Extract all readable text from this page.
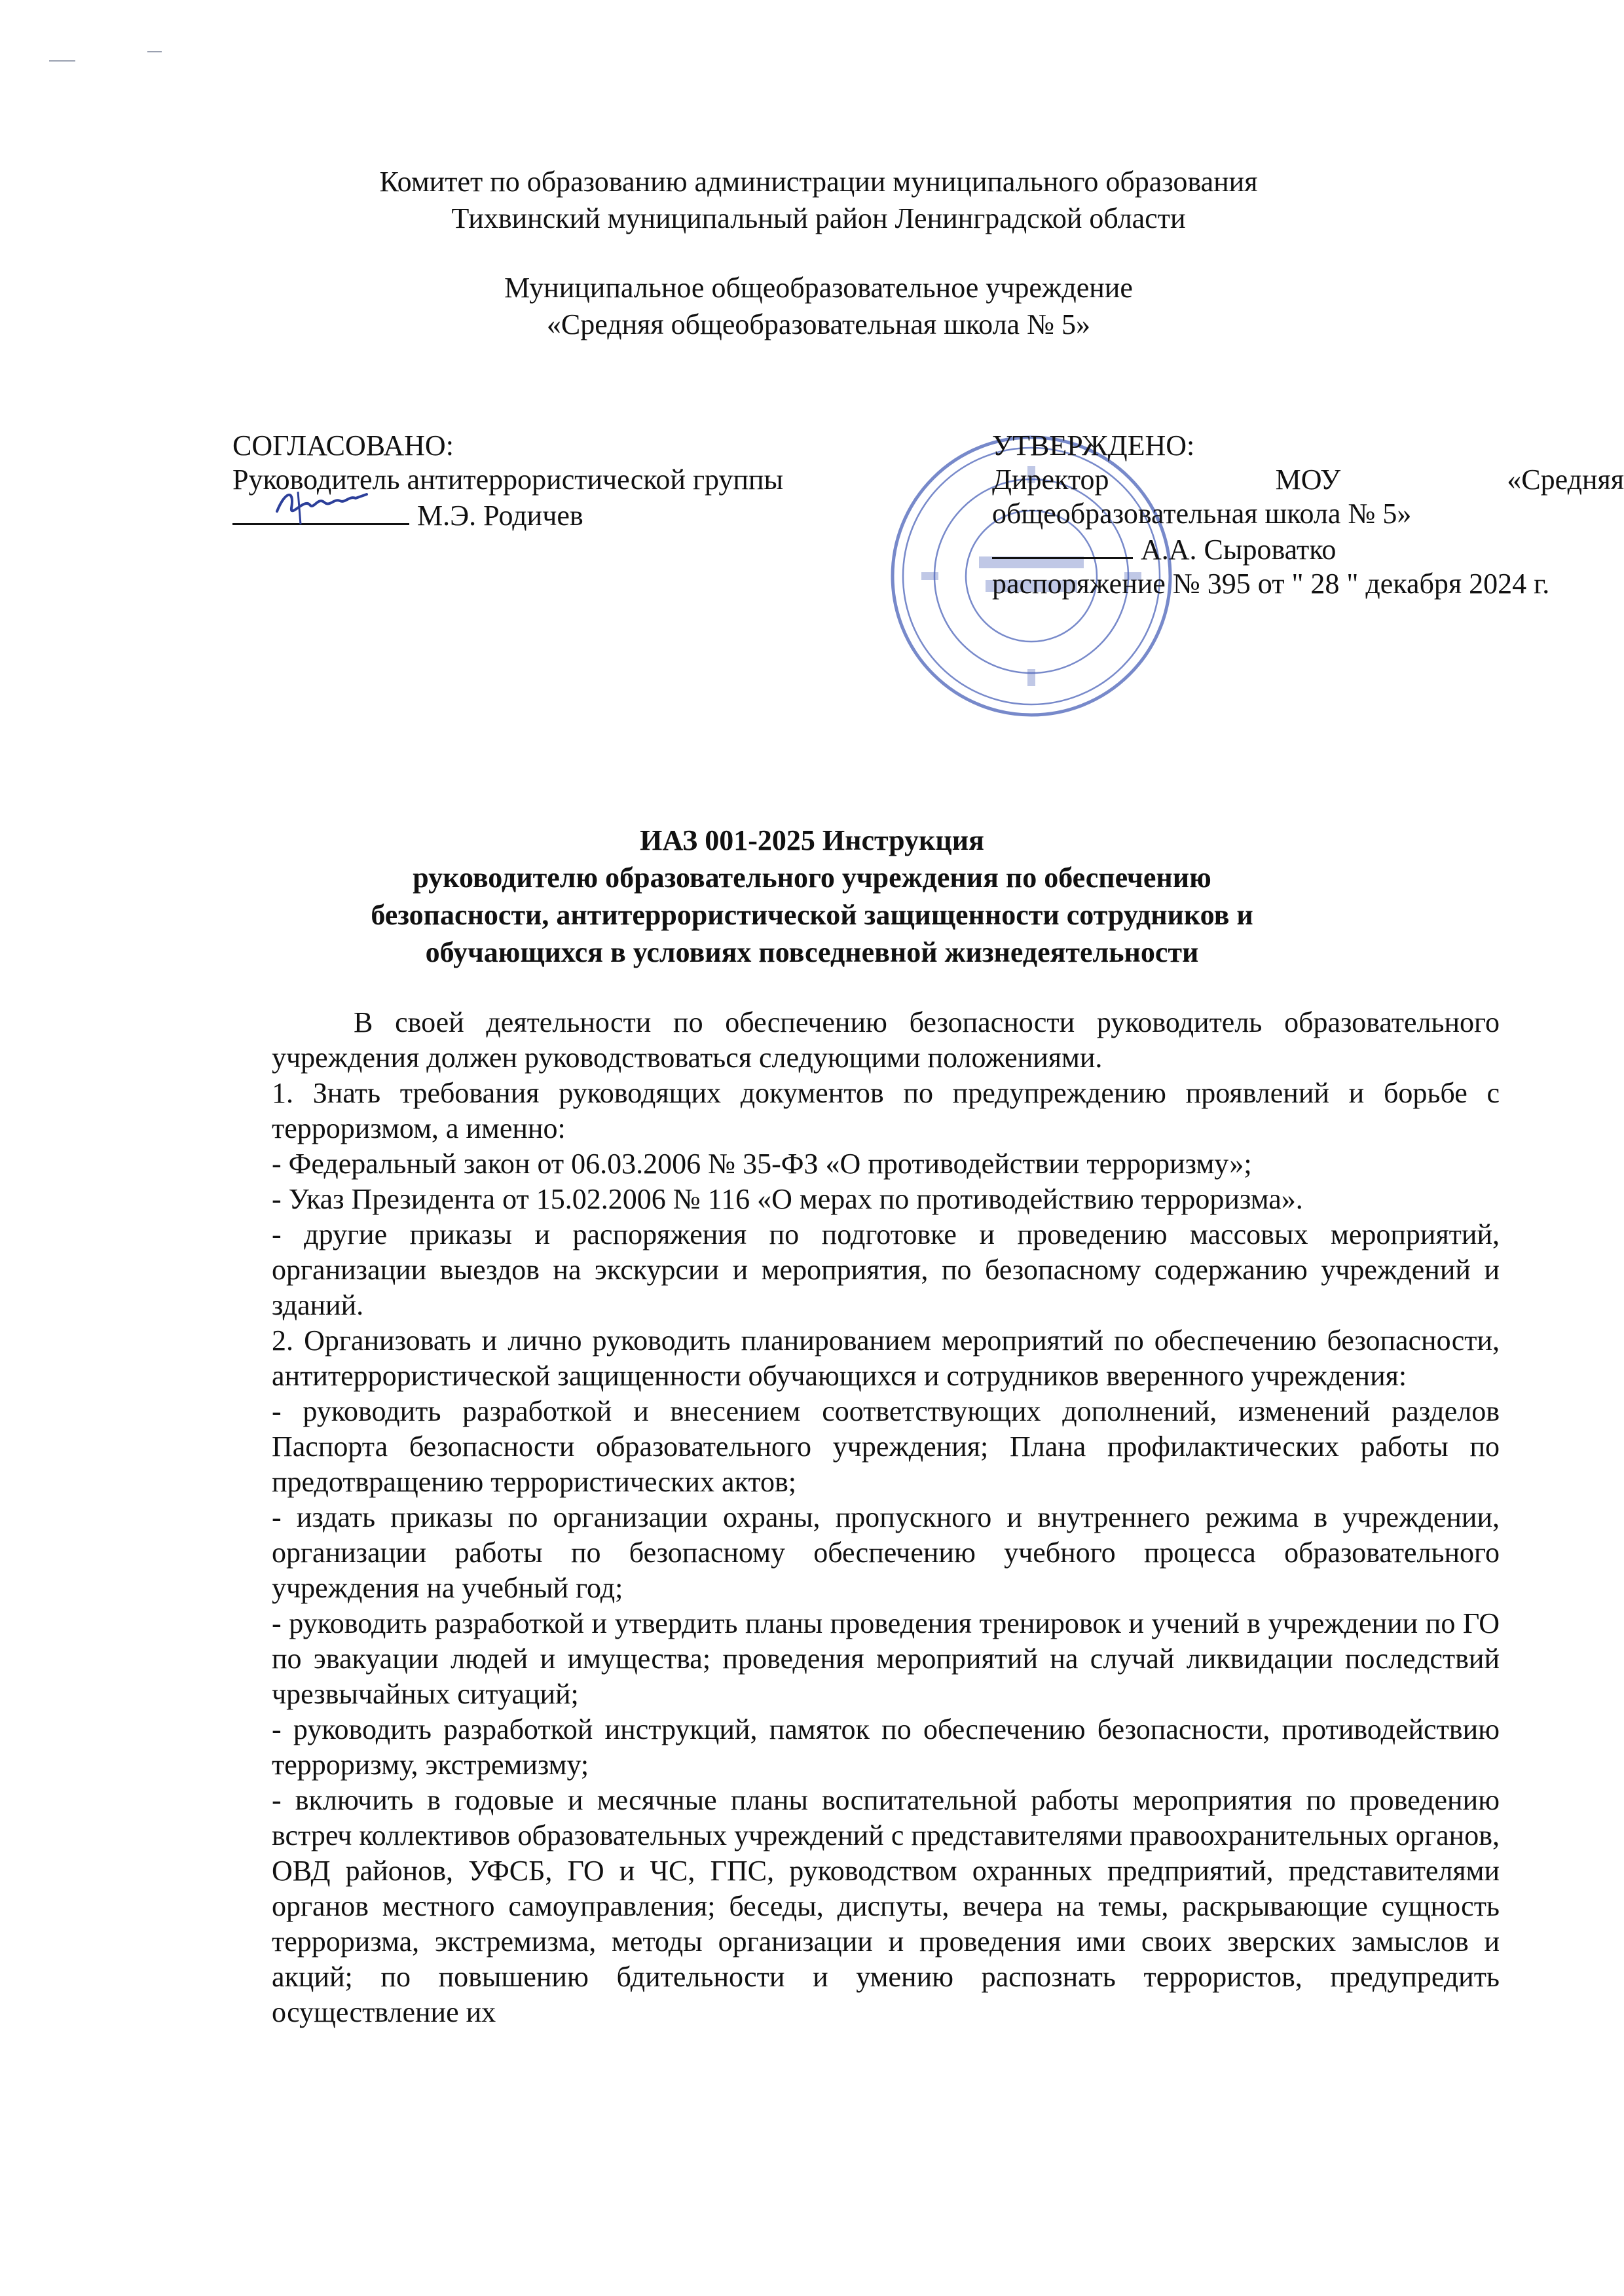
Комитет по образованию администрации муниципального образования
Тихвинский муниципальный район Ленинградской области
Муниципальное общеобразовательное учреждение
«Средняя общеобразовательная школа № 5»
СОГЛАСОВАНО:
Руководитель антитеррористической группы
М.Э. Родичев
УТВЕРЖДЕНО:
Директор	МОУ	«Средняя
общеобразовательная школа № 5»
А.А. Сыроватко
распоряжение № 395 от " 28 " декабря 2024 г.
ИАЗ 001-2025 Инструкция
руководителю образовательного учреждения по обеспечению
безопасности, антитеррористической защищенности сотрудников и
обучающихся в условиях повседневной жизнедеятельности

В своей деятельности по обеспечению безопасности руководитель образовательного учреждения должен руководствоваться следующими положениями.

1. Знать требования руководящих документов по предупреждению проявлений и борьбе с терроризмом, а именно:

- Федеральный закон от 06.03.2006 № 35-ФЗ «О противодействии терроризму»;

- Указ Президента от 15.02.2006 № 116 «О мерах по противодействию терроризма».

- другие приказы и распоряжения по подготовке и проведению массовых мероприятий, организации выездов на экскурсии и мероприятия, по безопасному содержанию учреждений и зданий.

2. Организовать и лично руководить планированием мероприятий по обеспечению безопасности, антитеррористической защищенности обучающихся и сотрудников вверенного учреждения:

- руководить разработкой и внесением соответствующих дополнений, изменений разделов Паспорта безопасности образовательного учреждения; Плана профилактических работы по предотвращению террористических актов;

- издать приказы по организации охраны, пропускного и внутреннего режима в учреждении, организации работы по безопасному обеспечению учебного процесса образовательного учреждения на учебный год;

- руководить разработкой и утвердить планы проведения тренировок и учений в учреждении по ГО по эвакуации людей и имущества; проведения мероприятий на случай ликвидации последствий чрезвычайных ситуаций;

- руководить разработкой инструкций, памяток по обеспечению безопасности, противодействию терроризму, экстремизму;

- включить в годовые и месячные планы воспитательной работы мероприятия по проведению встреч коллективов образовательных учреждений с представителями правоохранительных органов, ОВД районов, УФСБ, ГО и ЧС, ГПС, руководством охранных предприятий, представителями органов местного самоуправления; беседы, диспуты, вечера на темы, раскрывающие сущность терроризма, экстремизма, методы организации и проведения ими своих зверских замыслов и акций; по повышению бдительности и умению распознать террористов, предупредить осуществление их
